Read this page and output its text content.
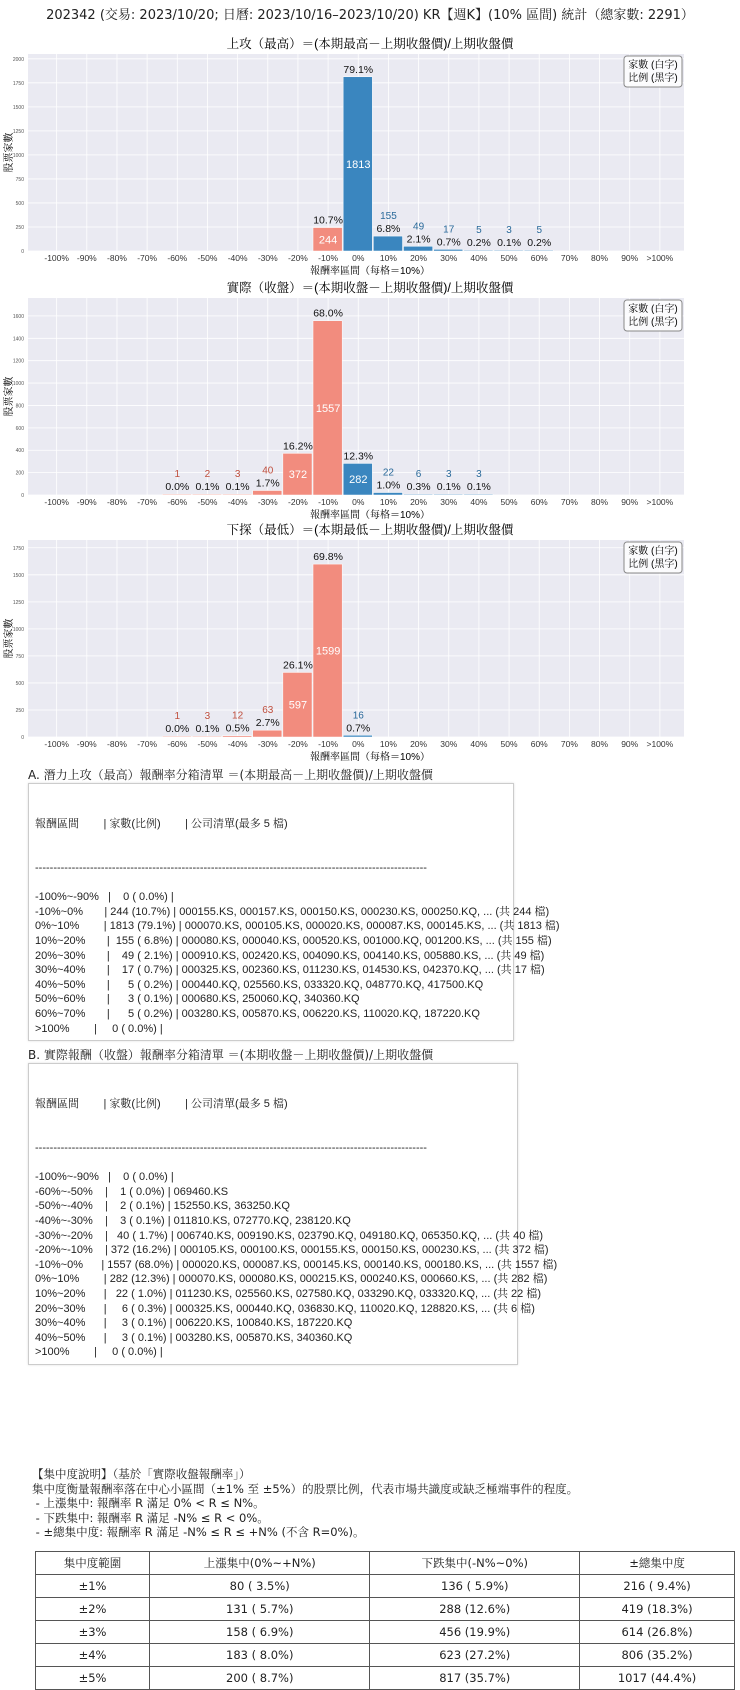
202342 (交易: 2023/10/20; 日曆: 2023/10/16–2023/10/20) KR【週K】(10% 區間) 統計（總家數: 2291）
上攻（最高）＝(本期最高－上期收盤價)/上期收盤價
0
250
500
750
1000
1250
1500
1750
2000
-100% -90% -80% -70% -60% -50% -40% -30% -20% -10% 0% 10% 20% 30% 40% 50% 60% 70% 80% 90% >100%
244
10.7%
1813
79.1%
155
6.8% 49
2.1%
17
0.7%
5
0.2%
3
0.1%
5
0.2%
股票家數
報酬率區間（每格＝10%）
家數 (白字)
比例 (黑字)
實際（收盤）＝(本期收盤－上期收盤價)/上期收盤價
0
200
400
600
800
1000
1200
1400
1600
-100% -90% -80% -70% -60% -50% -40% -30% -20% -10% 0% 10% 20% 30% 40% 50% 60% 70% 80% 90% >100%
1
0.0%
2
0.1%
3
0.1%
40
1.7%
372
16.2%
1557
68.0%
282
12.3%
22
1.0%
6
0.3%
3
0.1%
3
0.1%
股票家數
報酬率區間（每格＝10%）
家數 (白字)
比例 (黑字)
下探（最低）＝(本期最低－上期收盤價)/上期收盤價
0
250
500
750
1000
1250
1500
1750
-100% -90% -80% -70% -60% -50% -40% -30% -20% -10% 0% 10% 20% 30% 40% 50% 60% 70% 80% 90% >100%
1
0.0%
3
0.1%
12
0.5%
63
2.7%
597
26.1%
1599
69.8%
16
0.7%
股票家數
報酬率區間（每格＝10%）
家數 (白字)
比例 (黑字)
A. 潛力上攻（最高）報酬率分箱清單 ＝(本期最高－上期收盤價)/上期收盤價

報酬區間        | 家數(比例)        | 公司清單(最多 5 檔)

-----------------------------------------------------------------------------------------------------------

-100%~-90%   |    0 ( 0.0%) |
-10%~0%       | 244 (10.7%) | 000155.KS, 000157.KS, 000150.KS, 000230.KS, 000250.KQ, ... (共 244 檔)
0%~10%        | 1813 (79.1%) | 000070.KS, 000105.KS, 000020.KS, 000087.KS, 000145.KS, ... (共 1813 檔)
10%~20%       |  155 ( 6.8%) | 000080.KS, 000040.KS, 000520.KS, 001000.KQ, 001200.KS, ... (共 155 檔)
20%~30%       |    49 ( 2.1%) | 000910.KS, 002420.KS, 004090.KS, 004140.KS, 005880.KS, ... (共 49 檔)
30%~40%       |    17 ( 0.7%) | 000325.KS, 002360.KS, 011230.KS, 014530.KS, 042370.KQ, ... (共 17 檔)
40%~50%       |      5 ( 0.2%) | 000440.KQ, 025560.KS, 033320.KQ, 048770.KQ, 417500.KQ
50%~60%       |      3 ( 0.1%) | 000680.KS, 250060.KQ, 340360.KQ
60%~70%       |      5 ( 0.2%) | 003280.KS, 005870.KS, 006220.KS, 110020.KQ, 187220.KQ
>100%        |     0 ( 0.0%) |
B. 實際報酬（收盤）報酬率分箱清單 ＝(本期收盤－上期收盤價)/上期收盤價

報酬區間        | 家數(比例)        | 公司清單(最多 5 檔)

-----------------------------------------------------------------------------------------------------------

-100%~-90%   |    0 ( 0.0%) |
-60%~-50%    |    1 ( 0.0%) | 069460.KS
-50%~-40%    |    2 ( 0.1%) | 152550.KS, 363250.KQ
-40%~-30%    |    3 ( 0.1%) | 011810.KS, 072770.KQ, 238120.KQ
-30%~-20%    |   40 ( 1.7%) | 006740.KS, 009190.KS, 023790.KQ, 049180.KQ, 065350.KQ, ... (共 40 檔)
-20%~-10%    | 372 (16.2%) | 000105.KS, 000100.KS, 000155.KS, 000150.KS, 000230.KS, ... (共 372 檔)
-10%~0%      | 1557 (68.0%) | 000020.KS, 000087.KS, 000145.KS, 000140.KS, 000180.KS, ... (共 1557 檔)
0%~10%        | 282 (12.3%) | 000070.KS, 000080.KS, 000215.KS, 000240.KS, 000660.KS, ... (共 282 檔)
10%~20%      |   22 ( 1.0%) | 011230.KS, 025560.KS, 027580.KQ, 033290.KQ, 033320.KQ, ... (共 22 檔)
20%~30%      |     6 ( 0.3%) | 000325.KS, 000440.KQ, 036830.KQ, 110020.KQ, 128820.KS, ... (共 6 檔)
30%~40%      |     3 ( 0.1%) | 006220.KS, 100840.KS, 187220.KQ
40%~50%      |     3 ( 0.1%) | 003280.KS, 005870.KS, 340360.KQ
>100%        |     0 ( 0.0%) |
【集中度說明】（基於「實際收盤報酬率」）
集中度衡量報酬率落在中心小區間（±1% 至 ±5%）的股票比例，代表市場共識度或缺乏極端事件的程度。
- 上漲集中: 報酬率 R 滿足 0% < R ≤ N%。
- 下跌集中: 報酬率 R 滿足 -N% ≤ R < 0%。
- ±總集中度: 報酬率 R 滿足 -N% ≤ R ≤ +N% (不含 R=0%)。
集中度範圍	上漲集中(0%~+N%)	下跌集中(-N%~0%)	±總集中度
±1%	80 ( 3.5%)	136 ( 5.9%)	216 ( 9.4%)
±2%	131 ( 5.7%)	288 (12.6%)	419 (18.3%)
±3%	158 ( 6.9%)	456 (19.9%)	614 (26.8%)
±4%	183 ( 8.0%)	623 (27.2%)	806 (35.2%)
±5%	200 ( 8.7%)	817 (35.7%)	1017 (44.4%)
